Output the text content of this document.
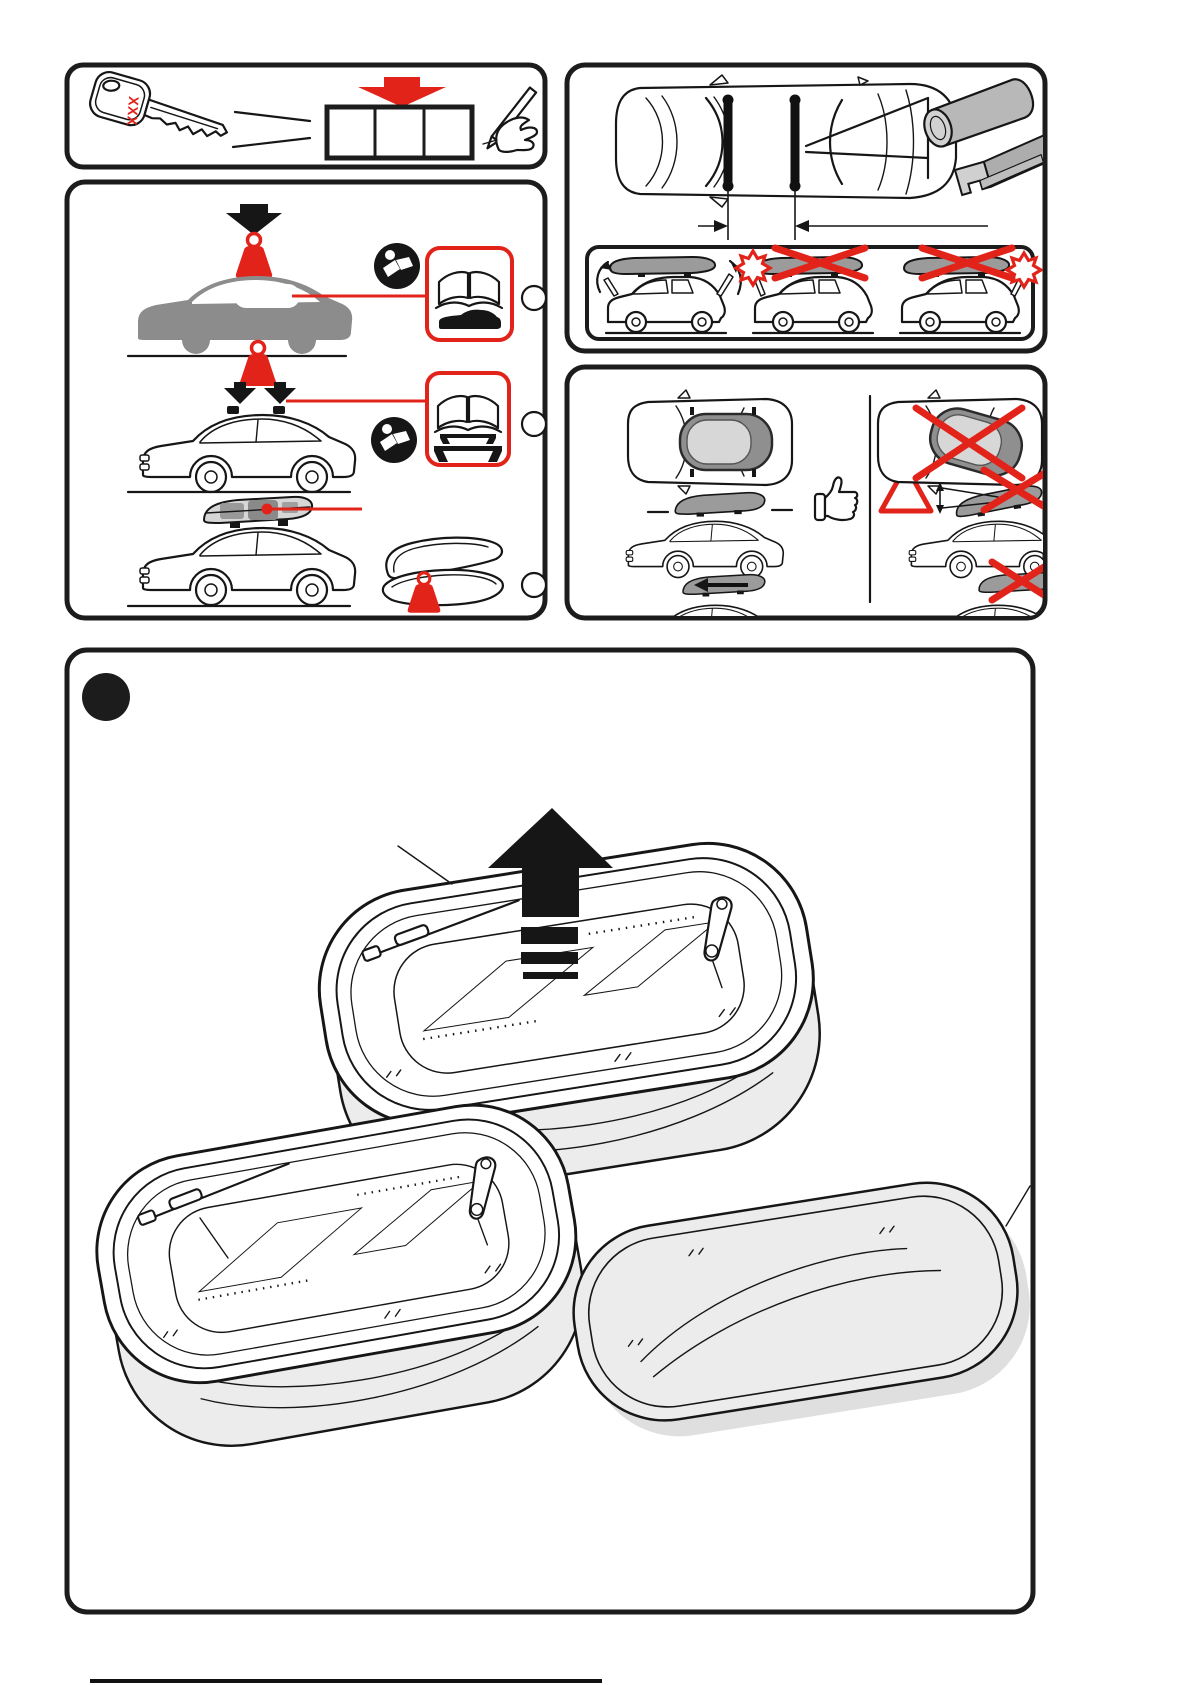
XXX
